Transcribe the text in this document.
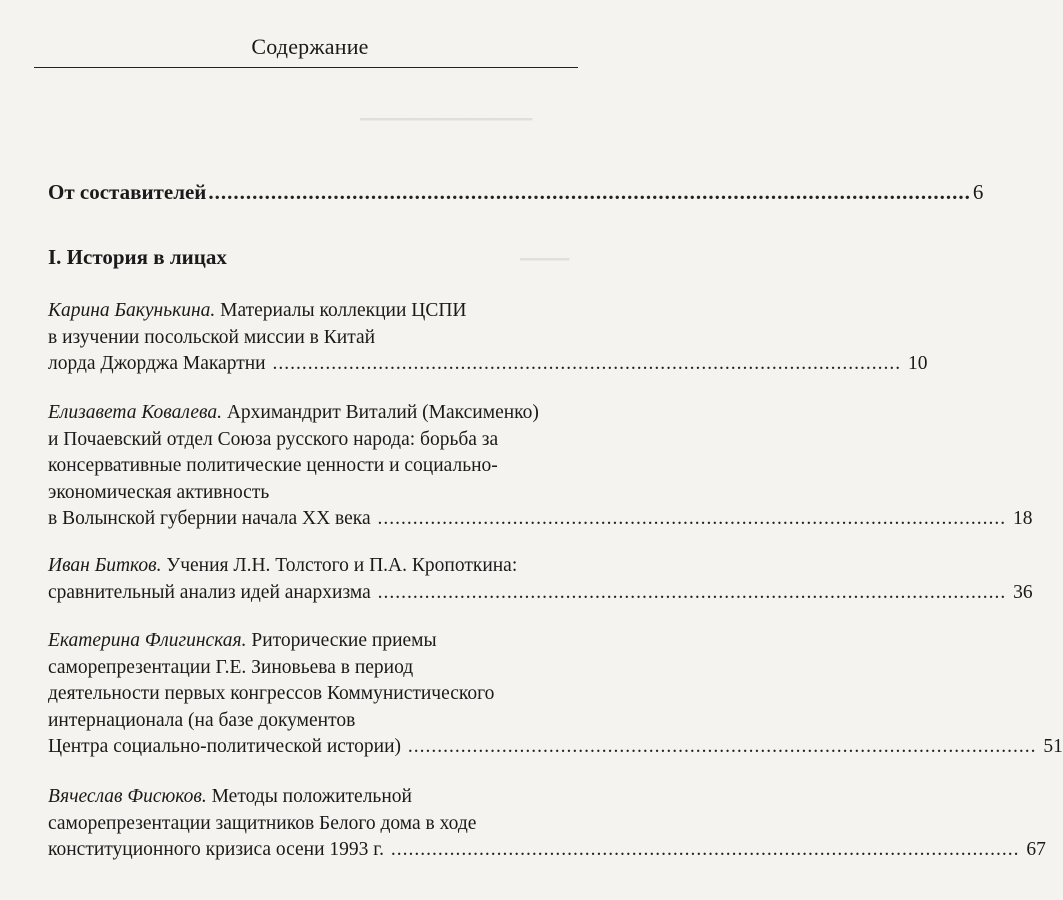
▔▔▔▔▔▔▔▔▔▔▔▔▔▔
▔▔▔▔
Содержание
От составителей .......................................................................................................................... 6
I. История в лицах
Карина Бакунькина. Материалы коллекции ЦСПИ
в изучении посольской миссии в Китай
лорда Джорджа Макартни ........................................................................................................... 10
Елизавета Ковалева. Архимандрит Виталий (Максименко)
и Почаевский отдел Союза русского народа: борьба за
консервативные политические ценности и социально-
экономическая активность
в Волынской губернии начала XX века ........................................................................................................... 18
Иван Битков. Учения Л.Н. Толстого и П.А. Кропоткина:
сравнительный анализ идей анархизма ........................................................................................................... 36
Екатерина Флигинская. Риторические приемы
саморепрезентации Г.Е. Зиновьева в период
деятельности первых конгрессов Коммунистического
интернационала (на базе документов
Центра социально-политической истории) ........................................................................................................... 51
Вячеслав Фисюков. Методы положительной
саморепрезентации защитников Белого дома в ходе
конституционного кризиса осени 1993 г. ........................................................................................................... 67
